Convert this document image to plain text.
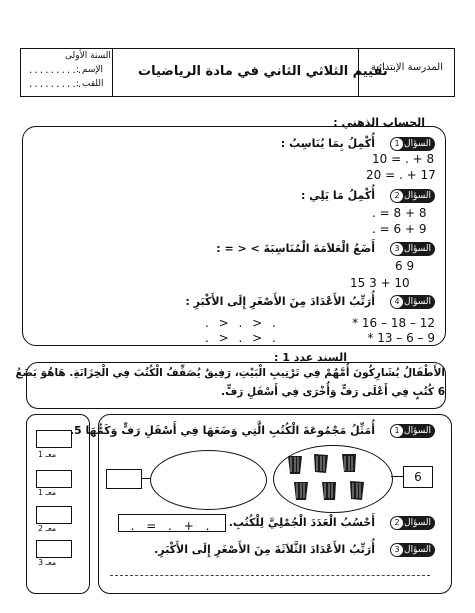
المدرسة الإبتدائية
تقييم الثلاثي الثاني في مادة الرياضيات
السنة الأولى
الإسم :
اللقب :
..........
..........
الحساب الذهني :
1 السؤال
أُكْمِلُ بِمَا يُنَاسِبُ :
10 = . + 8
20 = . + 17
2 السؤال
أُكْمِلُ مَا يَلِي :
. = 8 + 8
. = 6 + 9
3 السؤال
أَضَعُ الْعَلاَمَةَ الْمُنَاسِبَةَ > < = :
6 9
15 3 + 10
4 السؤال
أُرَتِّبُ الأَعْدَادَ مِنَ الأَصْغَرِ إِلَى الأَكْبَرِ :
* 16 – 18 – 12
* 13 – 6 – 9
. > . > .
. > . > .
السند عدد 1 :
الأَطْفَالُ يُشَارِكُونَ أُمَّهُمْ فِي تَرْتِيبِ الْبَيْتِ، رَفِيقٌ يُصَفِّفُ الْكُتُبَ فِي الْخِزَانَةِ. هَاهُوَ يَضَعُ
6 كُتُبٍ فِي أَعْلَى رَفٍّ وَأُخْرَى فِي أَسْفَلِ رَفٍّ.
معـ 1
معـ 1
معـ 2
معـ 3
1 السؤال
أُمَثِّلُ مَجْمُوعَةَ الْكُتُبِ الَّتِي وَضَعَهَا فِي أَسْفَلِ رَفٍّ وَكَمُّهَا 5.
6
2 السؤال
أَحْسُبُ الْعَدَدَ الْجُمْلِيَّ لِلْكُتُبِ.
. = . + .
3 السؤال
أُرَتِّبُ الأَعْدَادَ الثَّلاَثَةَ مِنَ الأَصْغَرِ إِلَى الأَكْبَرِ.
